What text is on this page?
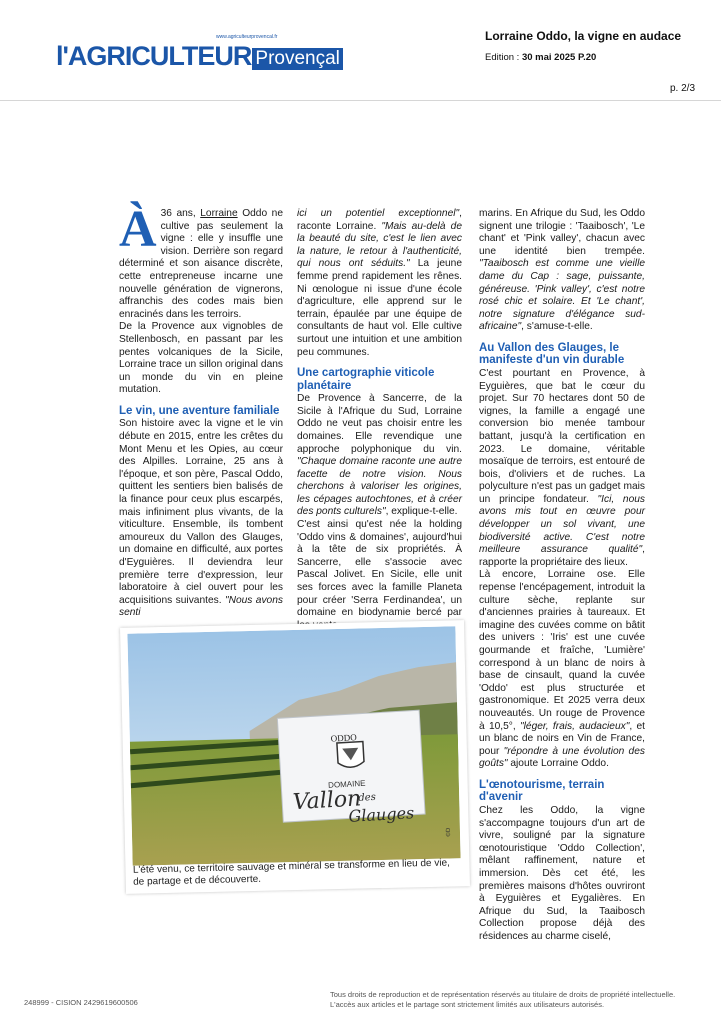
l'AGRICULTEUR Provençal
www.agriculteurprovencal.fr	Lorraine Oddo, la vigne en audace
Edition : 30 mai 2025 P.20
p. 2/3

À 36 ans, Lorraine Oddo ne cultive pas seulement la vigne : elle y insuffle une vision. Derrière son regard déterminé et son aisance discrète, cette entrepreneuse incarne une nouvelle génération de vignerons, affranchis des codes mais bien enracinés dans les terroirs.

De la Provence aux vignobles de Stellenbosch, en passant par les pentes volcaniques de la Sicile, Lorraine trace un sillon original dans un monde du vin en pleine mutation.

Le vin, une aventure familiale

Son histoire avec la vigne et le vin débute en 2015, entre les crêtes du Mont Menu et les Opies, au cœur des Alpilles. Lorraine, 25 ans à l'époque, et son père, Pascal Oddo, quittent les sentiers bien balisés de la finance pour ceux plus escarpés, mais infiniment plus vivants, de la viticulture. Ensemble, ils tombent amoureux du Vallon des Glauges, un domaine en difficulté, aux portes d'Eyguières. Il deviendra leur première terre d'expression, leur laboratoire à ciel ouvert pour les acquisitions suivantes. "Nous avons senti

ici un potentiel exceptionnel", raconte Lorraine. "Mais au-delà de la beauté du site, c'est le lien avec la nature, le retour à l'authenticité, qui nous ont séduits." La jeune femme prend rapidement les rênes. Ni œnologue ni issue d'une école d'agriculture, elle apprend sur le terrain, épaulée par une équipe de consultants de haut vol. Elle cultive surtout une intuition et une ambition peu communes.

Une cartographie viticole planétaire

De Provence à Sancerre, de la Sicile à l'Afrique du Sud, Lorraine Oddo ne veut pas choisir entre les domaines. Elle revendique une approche polyphonique du vin. "Chaque domaine raconte une autre facette de notre vision. Nous cherchons à valoriser les origines, les cépages autochtones, et à créer des ponts culturels", explique-t-elle.

C'est ainsi qu'est née la holding 'Oddo vins & domaines', aujourd'hui à la tête de six propriétés. À Sancerre, elle s'associe avec Pascal Jolivet. En Sicile, elle unit ses forces avec la famille Planeta pour créer 'Serra Ferdinandea', un domaine en biodynamie bercé par

marins. En Afrique du Sud, les Oddo signent une trilogie : 'Taaibosch', 'Le chant' et 'Pink valley', chacun avec une identité bien trempée. "Taaibosch est comme une vieille dame du Cap : sage, puissante, généreuse. 'Pink valley', c'est notre rosé chic et solaire. Et 'Le chant', notre signature d'élégance sud-africaine", s'amuse-t-elle.

Au Vallon des Glauges, le manifeste d'un vin durable

C'est pourtant en Provence, à Eyguières, que bat le cœur du projet. Sur 70 hectares dont 50 de vignes, la famille a engagé une conversion bio menée tambour battant, jusqu'à la certification en 2023. Le domaine, véritable mosaïque de terroirs, est entouré de bois, d'oliviers et de ruches. La polyculture n'est pas un gadget mais un principe fondateur. "Ici, nous avons mis tout en œuvre pour développer un sol vivant, une biodiversité active. C'est notre meilleure assurance qualité", rapporte la propriétaire des lieux.

Là encore, Lorraine ose. Elle repense l'encépagement, introduit la culture sèche, replante sur d'anciennes prairies à taureaux. Et imagine des cuvées comme on bâtit des univers : 'Iris' est une cuvée gourmande et fraîche, 'Lumière' correspond à un blanc de noirs à base de cinsault, quand la cuvée 'Oddo' est plus structurée et gastronomique. Et 2025 verra deux nouveautés. Un rouge de Provence à 10,5°, "léger, frais, audacieux", et un blanc de noirs en Vin de France, pour "répondre à une évolution des goûts" ajoute Lorraine Oddo.

L'œnotourisme, terrain d'avenir

Chez les Oddo, la vigne s'accompagne toujours d'un art de vivre, souligné par la signature œnotouristique 'Oddo Collection', mêlant raffinement, nature et immersion. Dès cet été, les premières maisons d'hôtes ouvriront à Eyguières et Eygalières. En Afrique du Sud, la Taaibosch Collection propose déjà des résidences au charme ciselé,

ODDO
DOMAINE
Vallon
des
Glauges
©D
L'été venu, ce territoire sauvage et minéral se transforme en lieu de vie, de partage et de découverte.
248999 - CISION 2429619600506
Tous droits de reproduction et de représentation réservés au titulaire de droits de propriété intellectuelle.
L'accès aux articles et le partage sont strictement limités aux utilisateurs autorisés.
